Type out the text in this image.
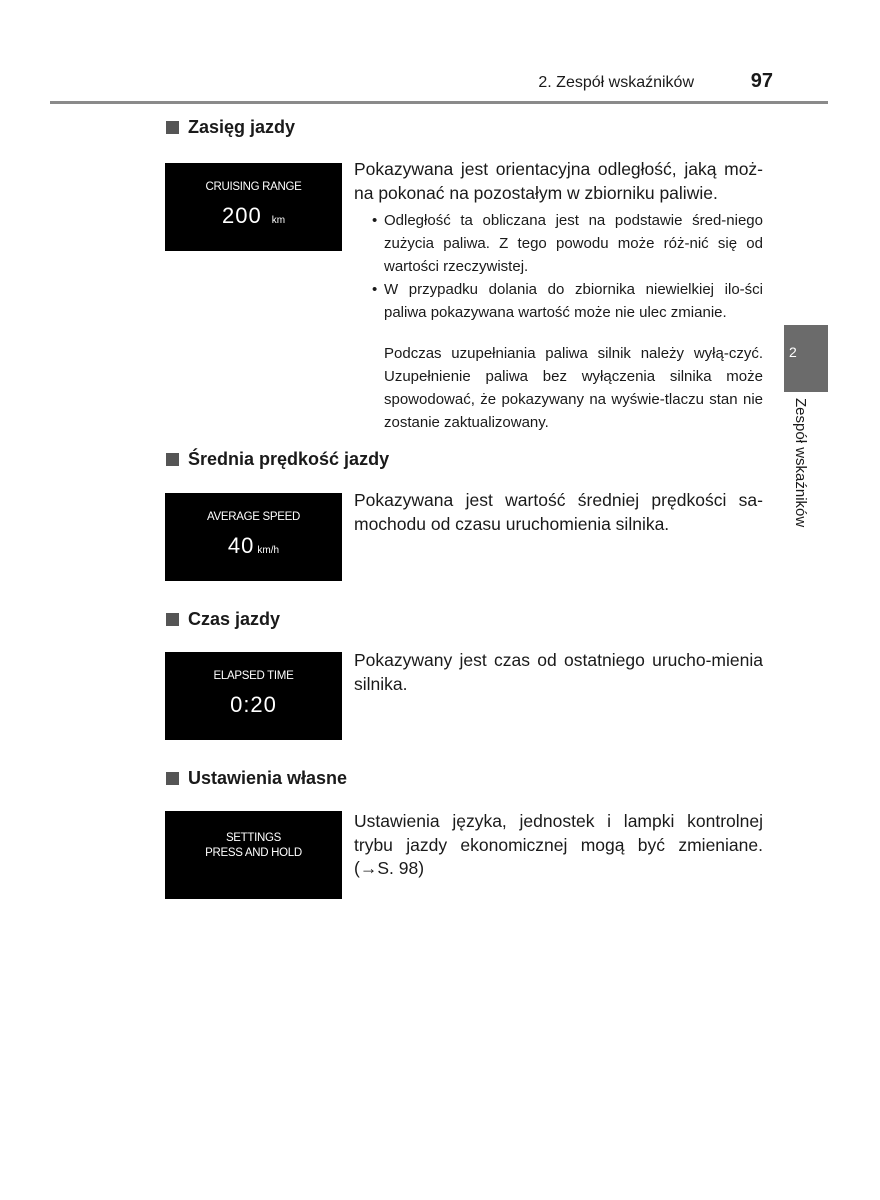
2. Zespół wskaźników	97
2
Zespół wskaźników
Zasięg jazdy
CRUISING RANGE
200 km
Pokazywana jest orientacyjna odległość, jaką moż-na pokonać na pozostałym w zbiorniku paliwie.
• Odległość ta obliczana jest na podstawie śred-niego zużycia paliwa. Z tego powodu może róż-nić się od wartości rzeczywistej.
• W przypadku dolania do zbiornika niewielkiej ilo-ści paliwa pokazywana wartość może nie ulec zmianie.
Podczas uzupełniania paliwa silnik należy wyłą-czyć. Uzupełnienie paliwa bez wyłączenia silnika może spowodować, że pokazywany na wyświe-tlaczu stan nie zostanie zaktualizowany.
Średnia prędkość jazdy
AVERAGE SPEED
40 km/h
Pokazywana jest wartość średniej prędkości sa-mochodu od czasu uruchomienia silnika.
Czas jazdy
ELAPSED TIME
0:20
Pokazywany jest czas od ostatniego urucho-mienia silnika.
Ustawienia własne
SETTINGS
PRESS AND HOLD
Ustawienia języka, jednostek i lampki kontrolnej trybu jazdy ekonomicznej mogą być zmieniane. (→S. 98)
